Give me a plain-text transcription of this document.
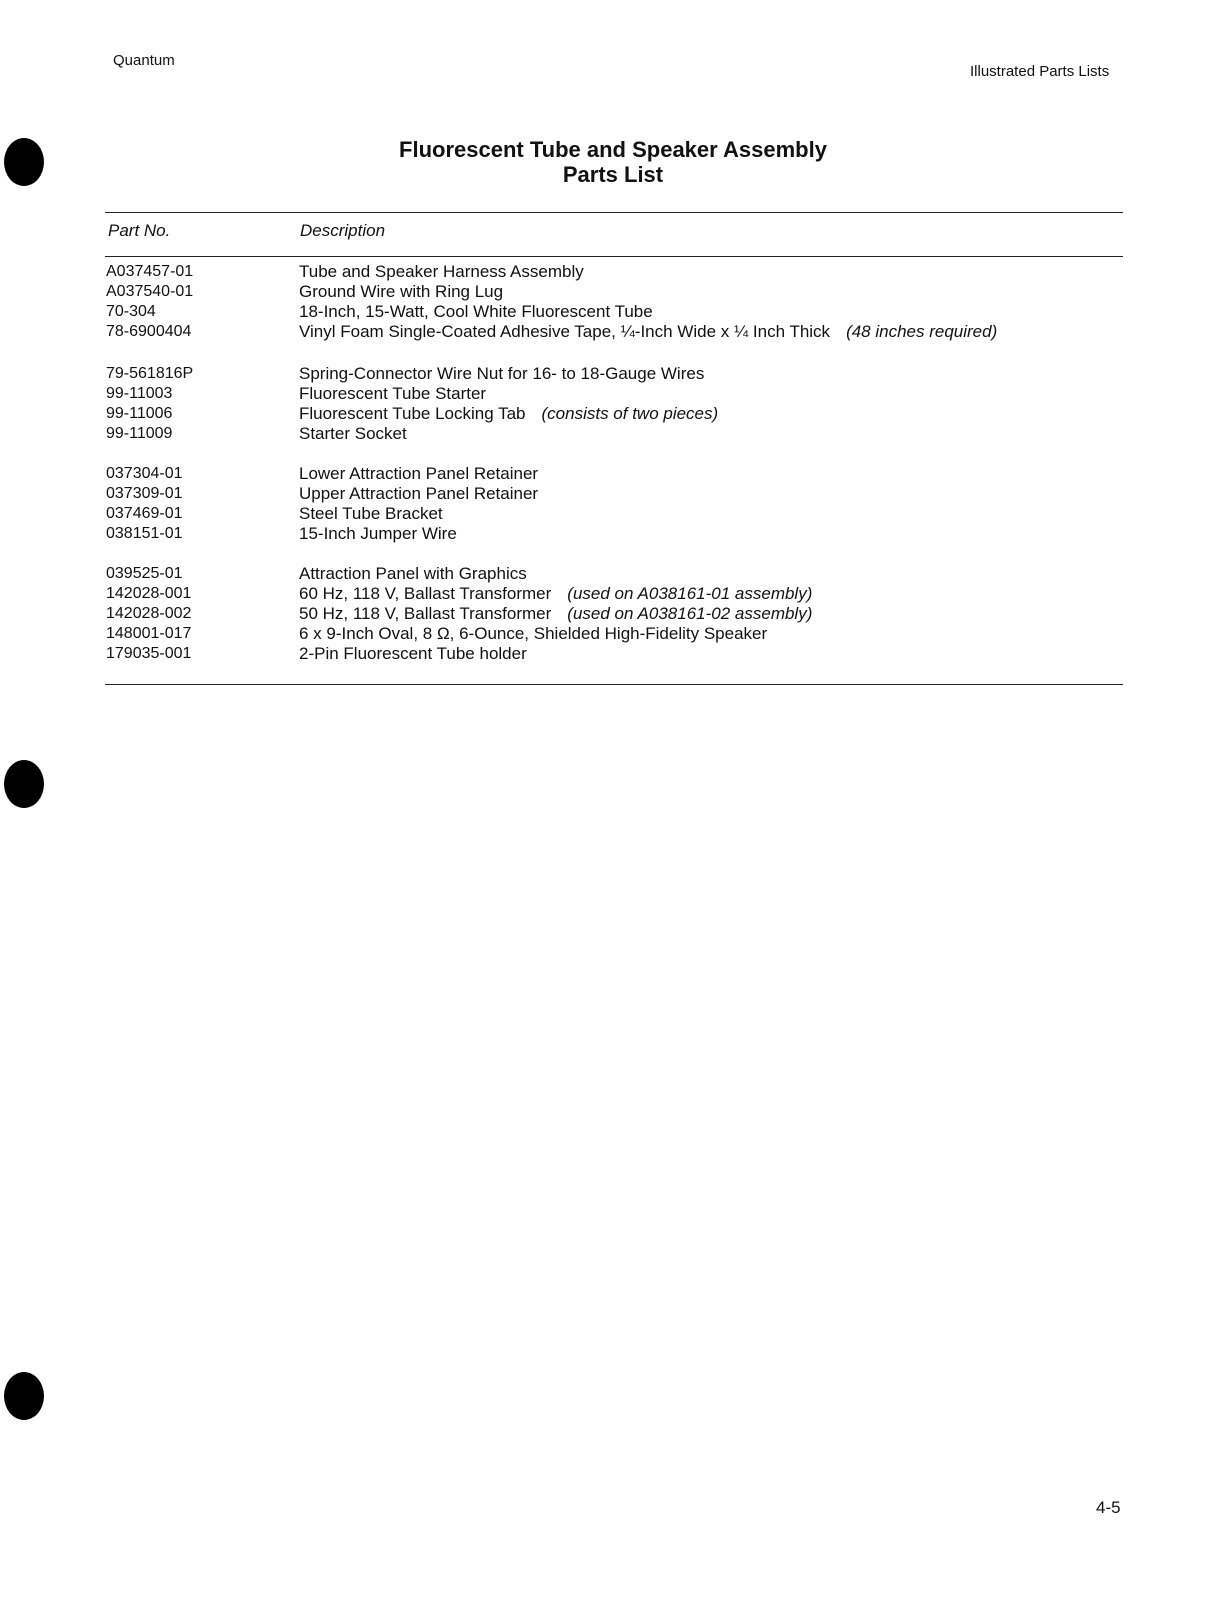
Quantum
Illustrated Parts Lists
Fluorescent Tube and Speaker Assembly
Parts List
Part No.	Description
A037457-01	Tube and Speaker Harness Assembly
A037540-01	Ground Wire with Ring Lug
70-304	18-Inch, 15-Watt, Cool White Fluorescent Tube
78-6900404	Vinyl Foam Single-Coated Adhesive Tape, ¼-Inch Wide x ¼ Inch Thick (48 inches required)
79-561816P	Spring-Connector Wire Nut for 16- to 18-Gauge Wires
99-11003	Fluorescent Tube Starter
99-11006	Fluorescent Tube Locking Tab (consists of two pieces)
99-11009	Starter Socket
037304-01	Lower Attraction Panel Retainer
037309-01	Upper Attraction Panel Retainer
037469-01	Steel Tube Bracket
038151-01	15-Inch Jumper Wire
039525-01	Attraction Panel with Graphics
142028-001	60 Hz, 118 V, Ballast Transformer (used on A038161-01 assembly)
142028-002	50 Hz, 118 V, Ballast Transformer (used on A038161-02 assembly)
148001-017	6 x 9-Inch Oval, 8 Ω, 6-Ounce, Shielded High-Fidelity Speaker
179035-001	2-Pin Fluorescent Tube holder
4-5
